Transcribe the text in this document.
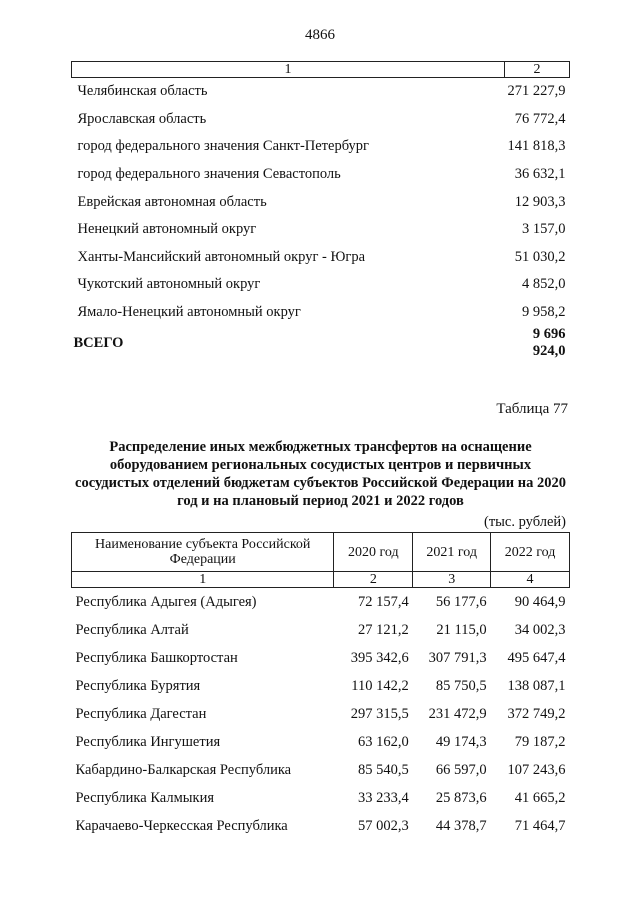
4866
1	2
Челябинская область	271 227,9
Ярославская область	76 772,4
город федерального значения Санкт-Петербург	141 818,3
город федерального значения Севастополь	36 632,1
Еврейская автономная область	12 903,3
Ненецкий автономный округ	3 157,0
Ханты-Мансийский автономный округ - Югра	51 030,2
Чукотский автономный округ	4 852,0
Ямало-Ненецкий автономный округ	9 958,2
ВСЕГО	9 696 924,0
Таблица 77
Распределение иных межбюджетных трансфертов на оснащение оборудованием региональных сосудистых центров и первичных сосудистых отделений бюджетам субъектов Российской Федерации на 2020 год и на плановый период 2021 и 2022 годов
(тыс. рублей)
Наименование субъекта Российской Федерации	2020 год	2021 год	2022 год
1	2	3	4
Республика Адыгея (Адыгея)	72 157,4	56 177,6	90 464,9
Республика Алтай	27 121,2	21 115,0	34 002,3
Республика Башкортостан	395 342,6	307 791,3	495 647,4
Республика Бурятия	110 142,2	85 750,5	138 087,1
Республика Дагестан	297 315,5	231 472,9	372 749,2
Республика Ингушетия	63 162,0	49 174,3	79 187,2
Кабардино-Балкарская Республика	85 540,5	66 597,0	107 243,6
Республика Калмыкия	33 233,4	25 873,6	41 665,2
Карачаево-Черкесская Республика	57 002,3	44 378,7	71 464,7
